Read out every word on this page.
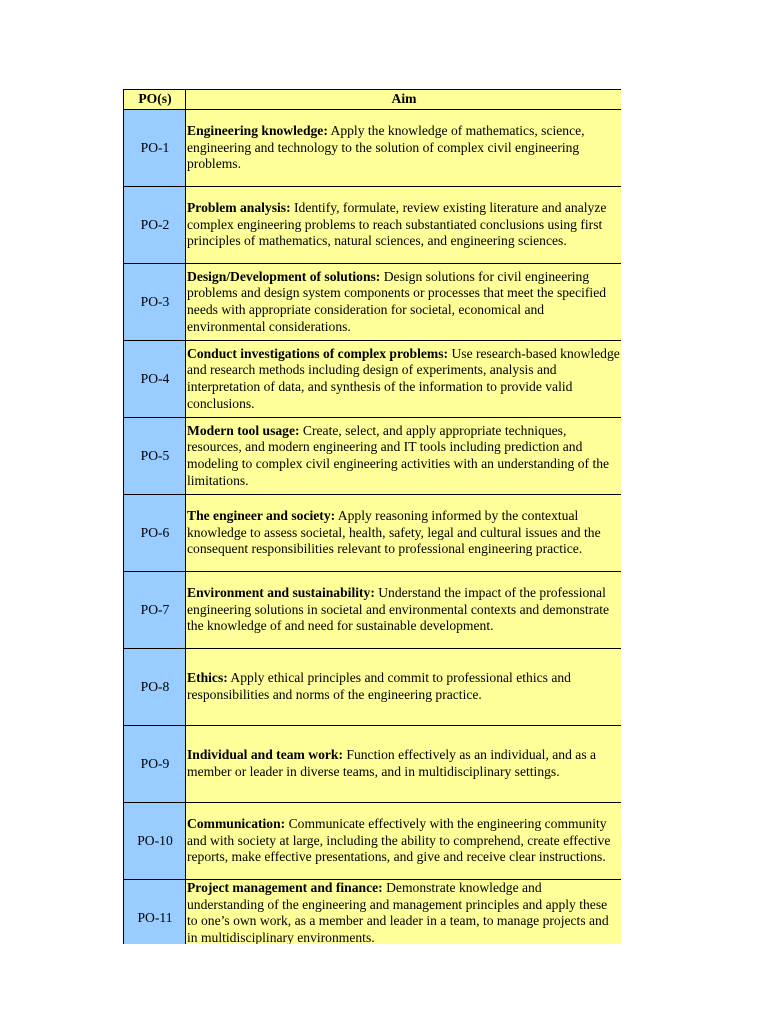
PO(s)	Aim
PO-1	Engineering knowledge: Apply the knowledge of mathematics, science, engineering and technology to the solution of complex civil engineering problems.
PO-2	Problem analysis: Identify, formulate, review existing literature and analyze complex engineering problems to reach substantiated conclusions using first principles of mathematics, natural sciences, and engineering sciences.
PO-3	Design/Development of solutions: Design solutions for civil engineering problems and design system components or processes that meet the specified needs with appropriate consideration for societal, economical and environmental considerations.
PO-4	Conduct investigations of complex problems: Use research-based knowledge and research methods including design of experiments, analysis and interpretation of data, and synthesis of the information to provide valid conclusions.
PO-5	Modern tool usage: Create, select, and apply appropriate techniques, resources, and modern engineering and IT tools including prediction and modeling to complex civil engineering activities with an understanding of the limitations.
PO-6	The engineer and society: Apply reasoning informed by the contextual knowledge to assess societal, health, safety, legal and cultural issues and the consequent responsibilities relevant to professional engineering practice.
PO-7	Environment and sustainability: Understand the impact of the professional engineering solutions in societal and environmental contexts and demonstrate the knowledge of and need for sustainable development.
PO-8	Ethics: Apply ethical principles and commit to professional ethics and responsibilities and norms of the engineering practice.
PO-9	Individual and team work: Function effectively as an individual, and as a member or leader in diverse teams, and in multidisciplinary settings.
PO-10	Communication: Communicate effectively with the engineering community and with society at large, including the ability to comprehend, create effective reports, make effective presentations, and give and receive clear instructions.
PO-11	Project management and finance: Demonstrate knowledge and understanding of the engineering and management principles and apply these to one’s own work, as a member and leader in a team, to manage projects and in multidisciplinary environments.
